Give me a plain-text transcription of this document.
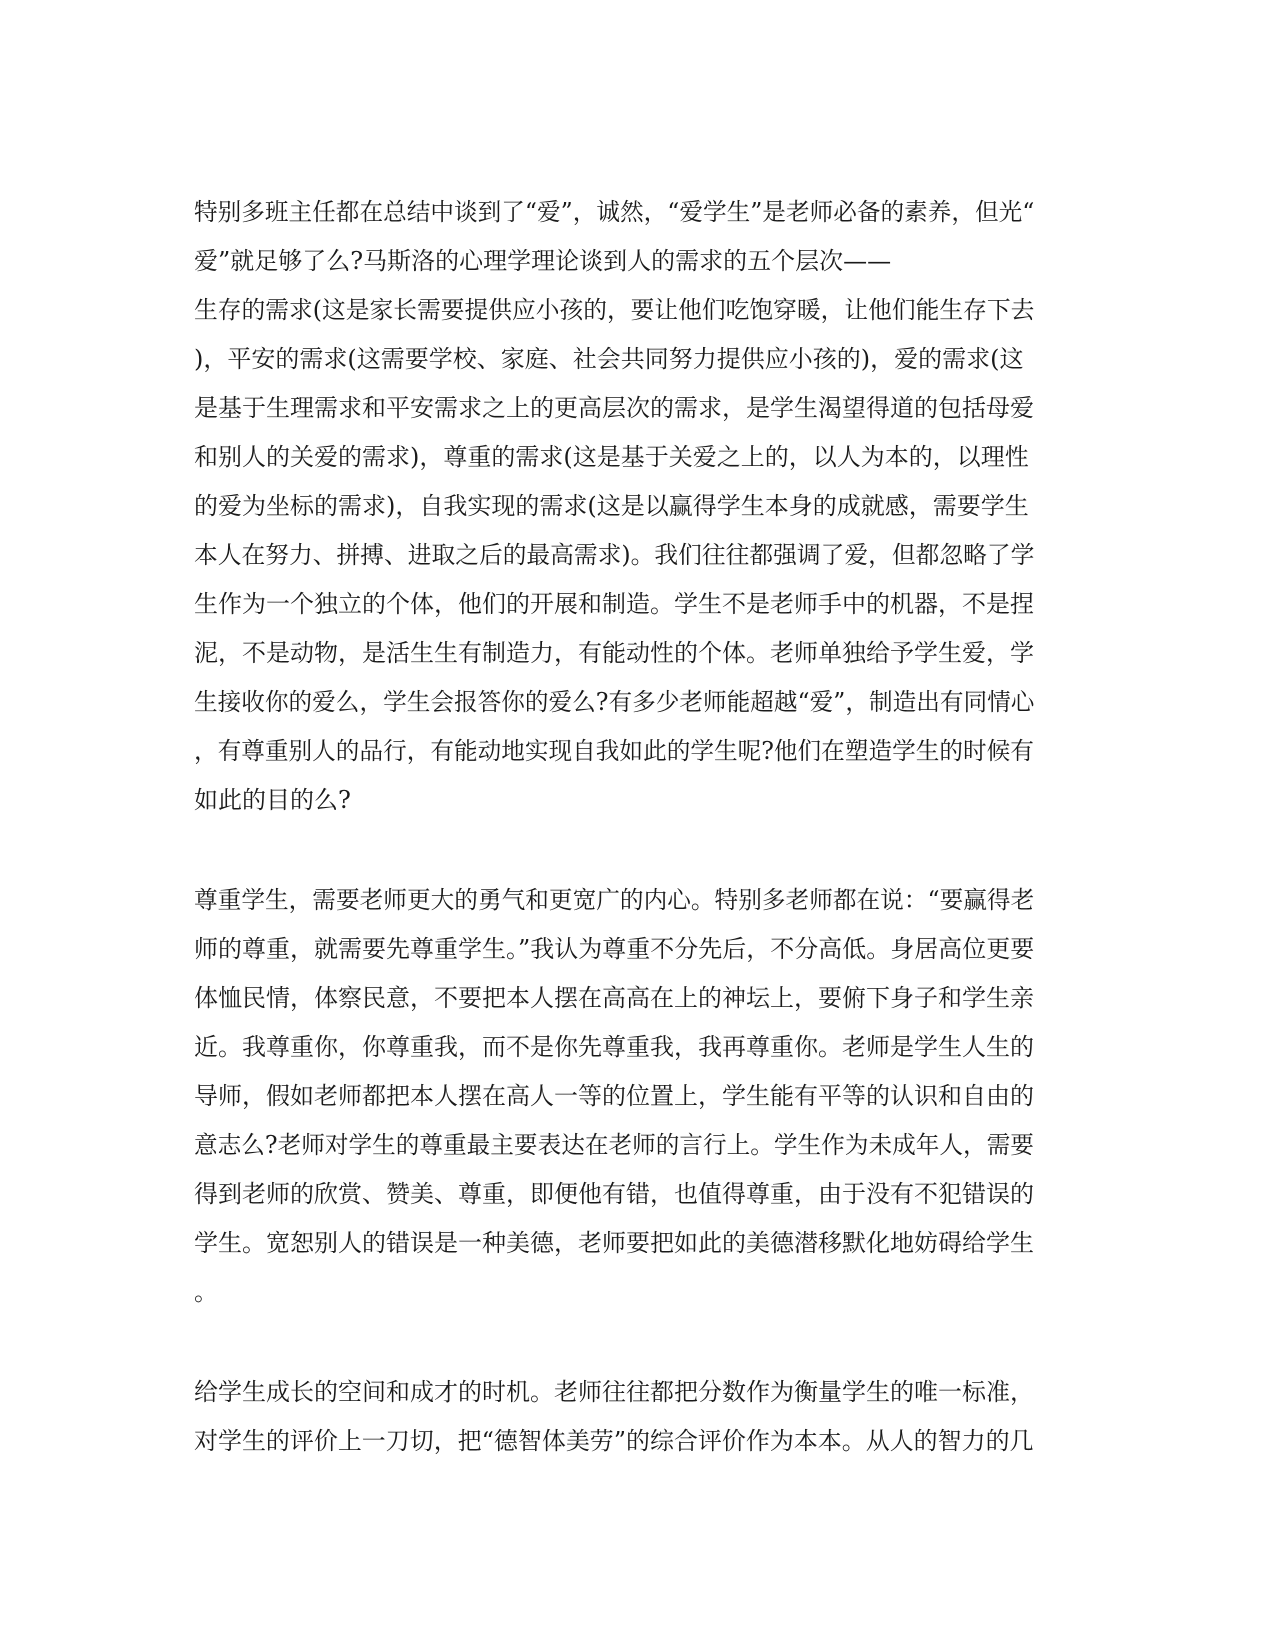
特别多班主任都在总结中谈到了“爱”，诚然，“爱学生”是老师必备的素养，但光“

爱”就足够了么?马斯洛的心理学理论谈到人的需求的五个层次——

生存的需求(这是家长需要提供应小孩的，要让他们吃饱穿暖，让他们能生存下去

)，平安的需求(这需要学校、家庭、社会共同努力提供应小孩的)，爱的需求(这

是基于生理需求和平安需求之上的更高层次的需求，是学生渴望得道的包括母爱

和别人的关爱的需求)，尊重的需求(这是基于关爱之上的，以人为本的，以理性

的爱为坐标的需求)，自我实现的需求(这是以赢得学生本身的成就感，需要学生

本人在努力、拼搏、进取之后的最高需求)。我们往往都强调了爱，但都忽略了学

生作为一个独立的个体，他们的开展和制造。学生不是老师手中的机器，不是捏

泥，不是动物，是活生生有制造力，有能动性的个体。老师单独给予学生爱，学

生接收你的爱么，学生会报答你的爱么?有多少老师能超越“爱”，制造出有同情心

，有尊重别人的品行，有能动地实现自我如此的学生呢?他们在塑造学生的时候有

如此的目的么?

尊重学生，需要老师更大的勇气和更宽广的内心。特别多老师都在说：“要赢得老

师的尊重，就需要先尊重学生。”我认为尊重不分先后，不分高低。身居高位更要

体恤民情，体察民意，不要把本人摆在高高在上的神坛上，要俯下身子和学生亲

近。我尊重你，你尊重我，而不是你先尊重我，我再尊重你。老师是学生人生的

导师，假如老师都把本人摆在高人一等的位置上，学生能有平等的认识和自由的

意志么?老师对学生的尊重最主要表达在老师的言行上。学生作为未成年人，需要

得到老师的欣赏、赞美、尊重，即便他有错，也值得尊重，由于没有不犯错误的

学生。宽恕别人的错误是一种美德，老师要把如此的美德潜移默化地妨碍给学生

。

给学生成长的空间和成才的时机。老师往往都把分数作为衡量学生的唯一标准，

对学生的评价上一刀切，把“德智体美劳”的综合评价作为本本。从人的智力的几
